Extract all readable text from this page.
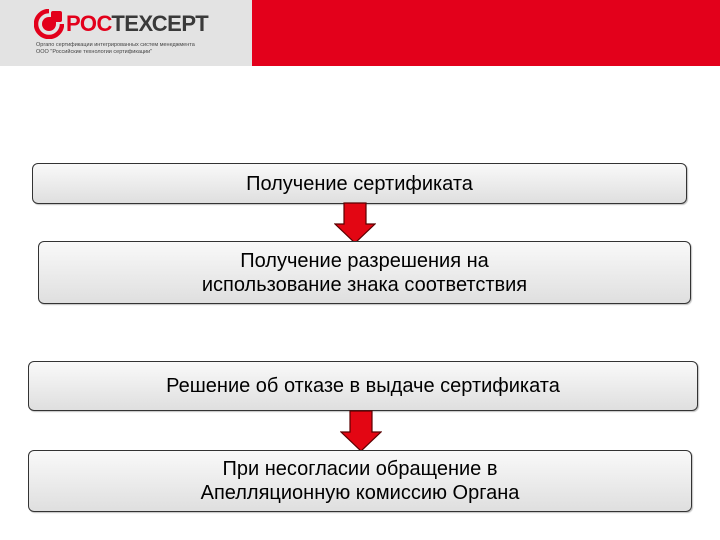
РОСТЕХСЕРТ
Оргапо сертификации интегрированных систем менеджмента
ООО "Российские технологии сертификации"
Получение сертификата
Получение разрешения на
использование знака соответствия
Решение об отказе в выдаче сертификата
При несогласии обращение в
Апелляционную комиссию Органа
